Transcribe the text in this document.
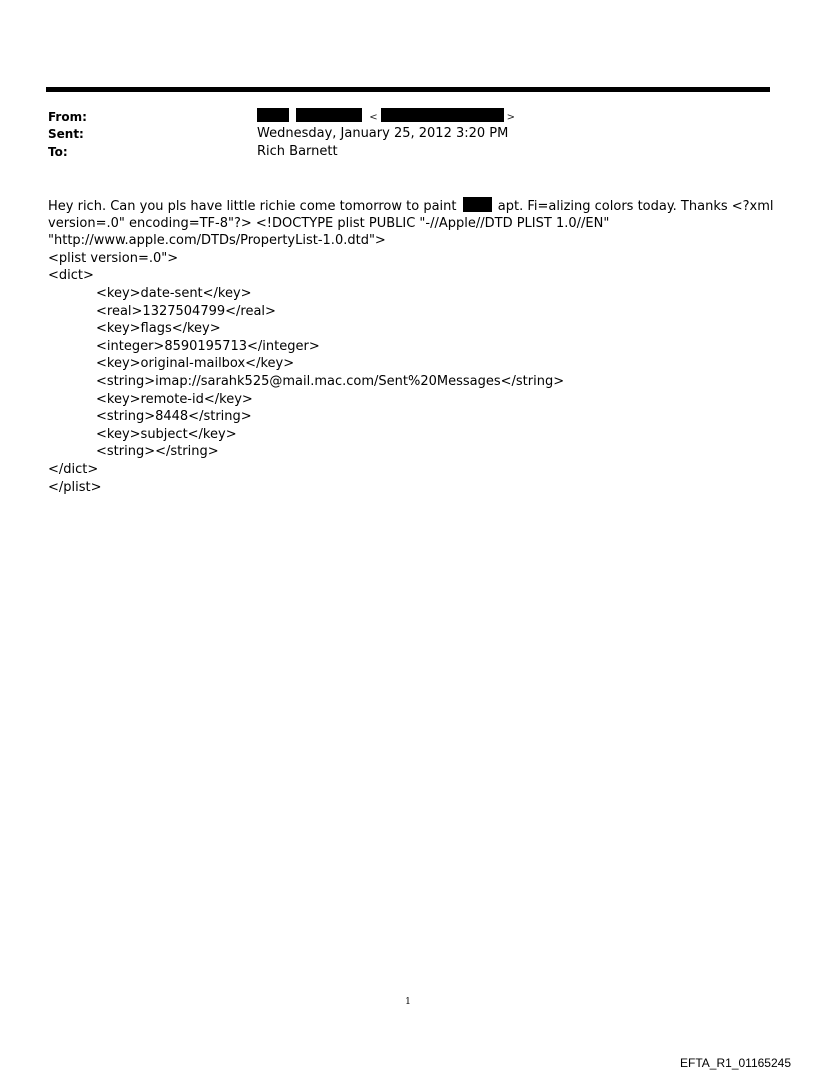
From:
Sent:
To:
<	>
Wednesday, January 25, 2012 3:20 PM
Rich Barnett
Hey rich. Can you pls have little richie come tomorrow to paint	apt. Fi=alizing colors today. Thanks <?xml
version=.0" encoding=TF-8"?> <!DOCTYPE plist PUBLIC "-//Apple//DTD PLIST 1.0//EN"
"http://www.apple.com/DTDs/PropertyList-1.0.dtd">
<plist version=.0">
<dict>
<key>date-sent</key>
<real>1327504799</real>
<key>flags</key>
<integer>8590195713</integer>
<key>original-mailbox</key>
<string>imap://sarahk525@mail.mac.com/Sent%20Messages</string>
<key>remote-id</key>
<string>8448</string>
<key>subject</key>
<string></string>
</dict>
</plist>
1
EFTA_R1_01165245
